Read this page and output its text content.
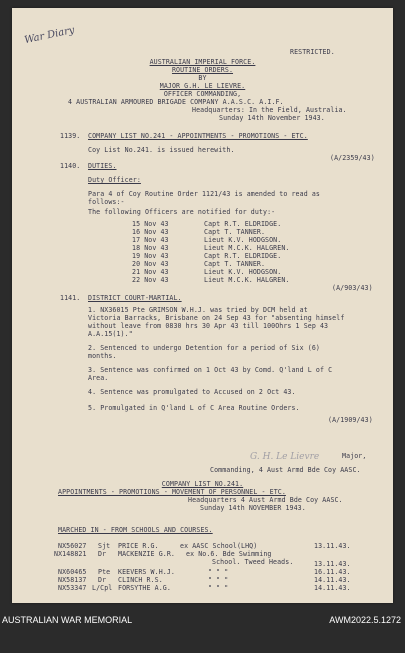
War Diary
RESTRICTED.
AUSTRALIAN IMPERIAL FORCE.
ROUTINE ORDERS.
BY
MAJOR G.H. LE LIEVRE.
OFFICER COMMANDING,
4 AUSTRALIAN ARMOURED BRIGADE COMPANY A.A.S.C. A.I.F.
Headquarters: In the Field, Australia.
Sunday 14th November 1943.
1139. COMPANY LIST NO.241 - APPOINTMENTS - PROMOTIONS - ETC.
Coy List No.241. is issued herewith.
(A/2359/43)
1140. DUTIES.
Duty Officer:
Para 4 of Coy Routine Order 1121/43 is amended to read as
follows:-
The following Officers are notified for duty:-
15 Nov 43	Capt R.T. ELDRIDGE.
16 Nov 43	Capt T. TANNER.
17 Nov 43	Lieut K.V. HODGSON.
18 Nov 43	Lieut M.C.K. HALGREN.
19 Nov 43	Capt R.T. ELDRIDGE.
20 Nov 43	Capt T. TANNER.
21 Nov 43	Lieut K.V. HODGSON.
22 Nov 43	Lieut M.C.K. HALGREN.
(A/903/43)
1141. DISTRICT COURT-MARTIAL.
1. NX36015 Pte GRIMSON W.H.J. was tried by DCM held at
Victoria Barracks, Brisbane on 24 Sep 43 for "absenting himself
without leave from 0830 hrs 30 Apr 43 till 100Ohrs 1 Sep 43
A.A.15(1)."
2. Sentenced to undergo Detention for a period of Six (6)
months.
3. Sentence was confirmed on 1 Oct 43 by Comd. Q'land L of C
Area.
4. Sentence was promulgated to Accused on 2 Oct 43.
5. Promulgated in Q'land L of C Area Routine Orders.
(A/1909/43)
G. H. Le Lievre	Major,
Commanding, 4 Aust Armd Bde Coy AASC.
COMPANY LIST NO.241.
APPOINTMENTS - PROMOTIONS - MOVEMENT OF PERSONNEL - ETC.
Headquarters 4 Aust Armd Bde Coy AASC.
Sunday 14th NOVEMBER 1943.
MARCHED IN - FROM SCHOOLS AND COURSES.
NX56027 Sjt PRICE R.G.	ex AASC School(LHQ)	13.11.43.
NX148821 Dr MACKENZIE G.R. ex No.6. Bde Swimming
School. Tweed Heads.	13.11.43.
NX60465 Pte KEEVERS W.H.J.	" " "	16.11.43.
NX58137 Dr CLINCH R.S.	" " "	14.11.43.
NX53347 L/Cpl FORSYTHE A.G.	" " "	14.11.43.
AUSTRALIAN WAR MEMORIAL	AWM2022.5.1272
